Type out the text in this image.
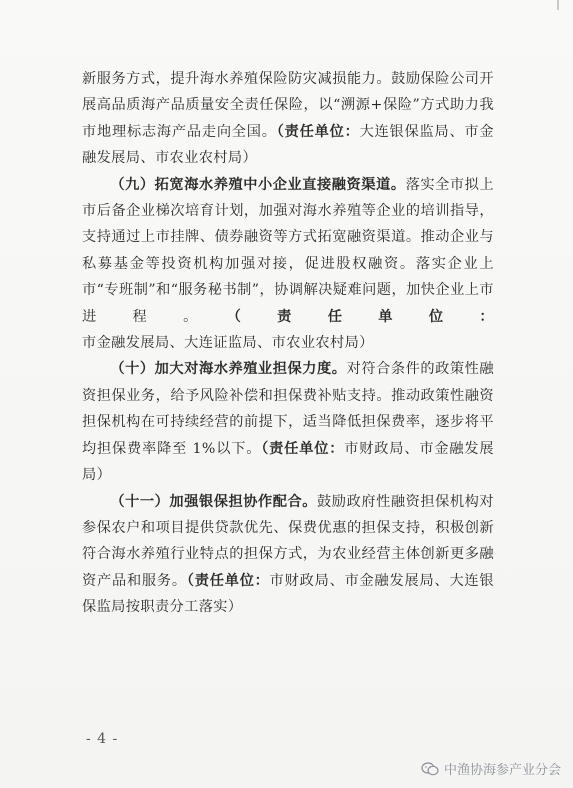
新服务方式，提升海水养殖保险防灾减损能力。鼓励保险公司开展高品质海产品质量安全责任保险，以“溯源+保险”方式助力我市地理标志海产品走向全国。（责任单位：大连银保监局、市金融发展局、市农业农村局）

（九）拓宽海水养殖中小企业直接融资渠道。落实全市拟上市后备企业梯次培育计划，加强对海水养殖等企业的培训指导，支持通过上市挂牌、债券融资等方式拓宽融资渠道。推动企业与私募基金等投资机构加强对接，促进股权融资。落实企业上市“专班制”和“服务秘书制”，协调解决疑难问题，加快企业上市进程。（责任单位：市金融发展局、大连证监局、市农业农村局）

（十）加大对海水养殖业担保力度。对符合条件的政策性融资担保业务，给予风险补偿和担保费补贴支持。推动政策性融资担保机构在可持续经营的前提下，适当降低担保费率，逐步将平均担保费率降至 1%以下。（责任单位：市财政局、市金融发展局）

（十一）加强银保担协作配合。鼓励政府性融资担保机构对参保农户和项目提供贷款优先、保费优惠的担保支持，积极创新符合海水养殖行业特点的担保方式，为农业经营主体创新更多融资产品和服务。（责任单位：市财政局、市金融发展局、大连银保监局按职责分工落实）

- 4 -
中渔协海参产业分会
